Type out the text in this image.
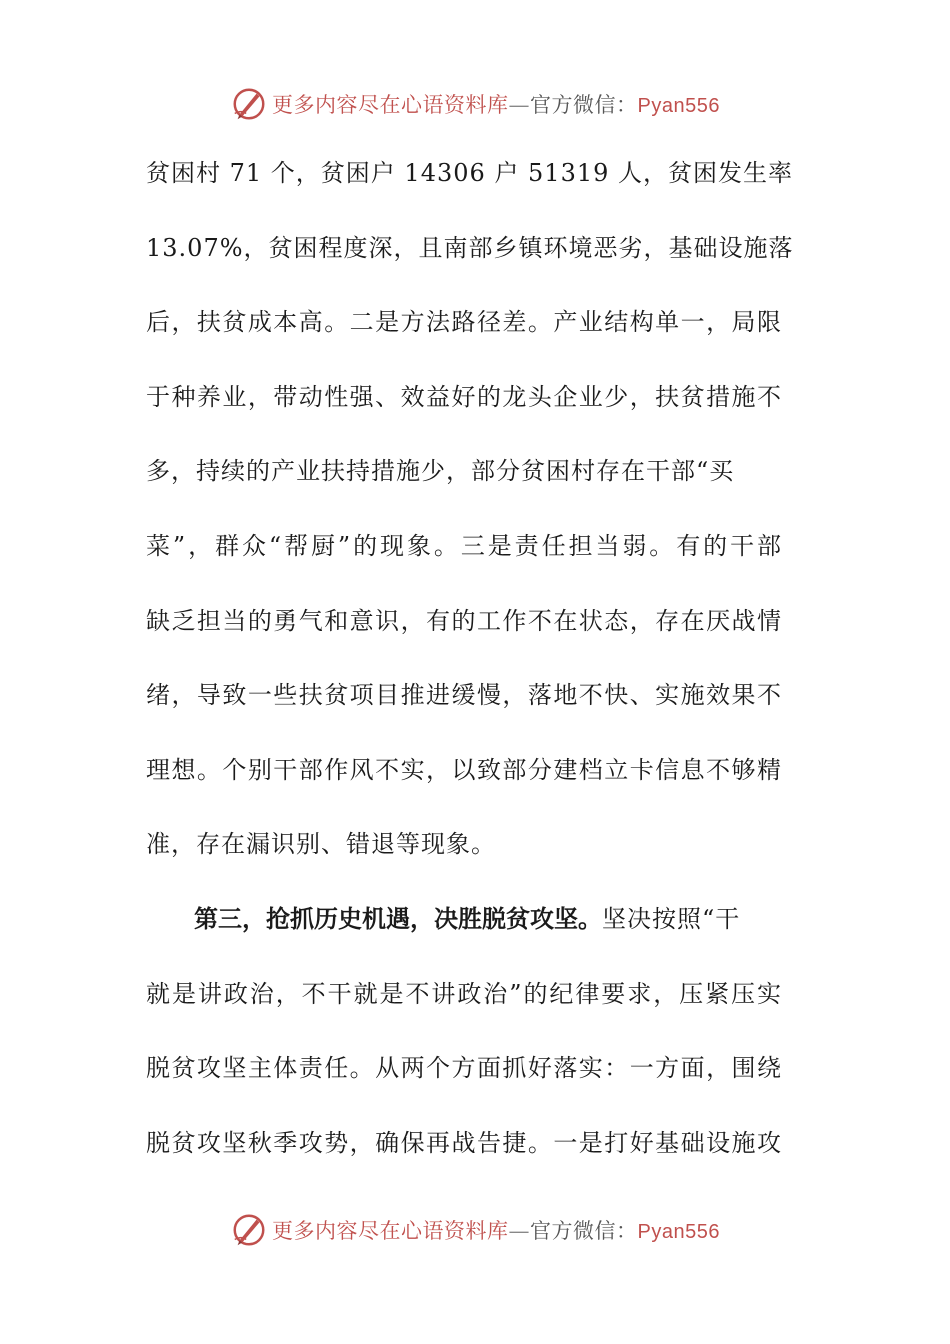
更多内容尽在心语资料库—官方微信：Pyan556
贫困村 71 个，贫困户 14306 户 51319 人，贫困发生率
13.07%，贫困程度深，且南部乡镇环境恶劣，基础设施落
后，扶贫成本高。二是方法路径差。产业结构单一，局限
于种养业，带动性强、效益好的龙头企业少，扶贫措施不
多，持续的产业扶持措施少，部分贫困村存在干部“买
菜”，群众“帮厨”的现象。三是责任担当弱。有的干部
缺乏担当的勇气和意识，有的工作不在状态，存在厌战情
绪，导致一些扶贫项目推进缓慢，落地不快、实施效果不
理想。个别干部作风不实，以致部分建档立卡信息不够精
准，存在漏识别、错退等现象。
第三，抢抓历史机遇，决胜脱贫攻坚。坚决按照“干
就是讲政治，不干就是不讲政治”的纪律要求，压紧压实
脱贫攻坚主体责任。从两个方面抓好落实：一方面，围绕
脱贫攻坚秋季攻势，确保再战告捷。一是打好基础设施攻
更多内容尽在心语资料库—官方微信：Pyan556
